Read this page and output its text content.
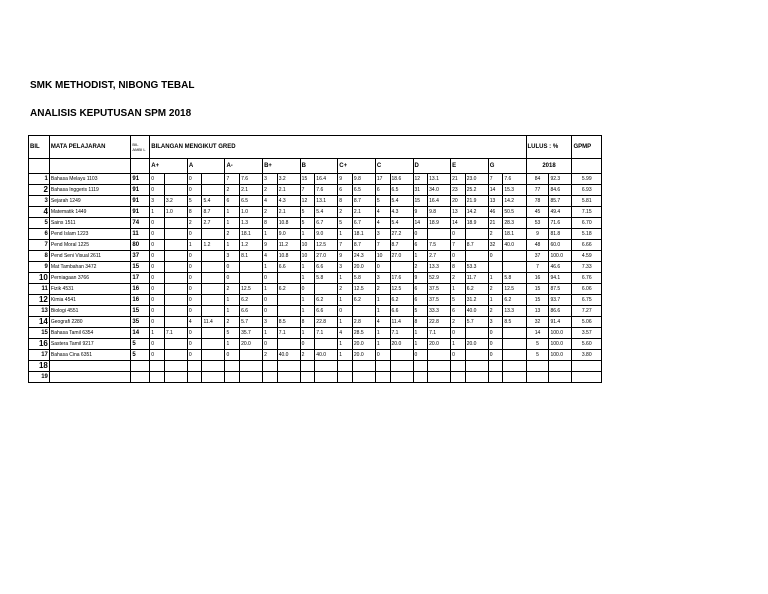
SMK METHODIST, NIBONG TEBAL
ANALISIS KEPUTUSAN SPM 2018
BIL	MATA PELAJARAN	BIL AMBI L	BILANGAN MENGIKUT GRED																				LULUS : %		GPMP
			A+		A		A-		B+		B		C+		C		D		E		G		2018		
1	Bahasa Melayu 1103	91	0		0		7	7.6	3	3.2	15	16.4	9	9.8	17	18.6	12	13.1	21	23.0	7	7.6	84	92.3	5.99
2	Bahasa Inggeris 1119	91	0		0		2	2.1	2	2.1	7	7.6	6	6.5	6	6.5	31	34.0	23	25.2	14	15.3	77	84.6	6.93
3	Sejarah 1249	91	3	3.2	5	5.4	6	6.5	4	4.3	12	13.1	8	8.7	5	5.4	15	16.4	20	21.9	13	14.2	78	85.7	5.81
4	Matematik 1449	91	1	1.0	8	8.7	1	1.0	2	2.1	5	5.4	2	2.1	4	4.3	9	9.8	13	14.2	46	50.5	45	49.4	7.15
5	Sains 1511	74	0		2	2.7	1	1.3	8	10.8	5	6.7	5	6.7	4	5.4	14	18.9	14	18.9	21	28.3	53	71.6	6.70
6	Pend Islam 1223	11	0		0		2	18.1	1	9.0	1	9.0	1	18.1	3	27.2	0		0		2	18.1	9	81.8	5.18
7	Pend Moral 1225	80	0		1	1.2	1	1.2	9	11.2	10	12.5	7	8.7	7	8.7	6	7.5	7	8.7	32	40.0	48	60.0	6.66
8	Pend Seni Visual 2611	37	0		0		3	8.1	4	10.8	10	27.0	9	24.3	10	27.0	1	2.7	0		0		37	100.0	4.59
9	Mat Tambahan 3472	15	0		0		0		1	6.6	1	6.6	3	20.0	0		2	13.3	8	53.3			7	46.6	7.33
10	Perniagaan 3766	17	0		0		0		0		1	5.8	1	5.8	3	17.6	9	52.9	2	11.7	1	5.8	16	94.1	6.76
11	Fizik 4531	16	0		0		2	12.5	1	6.2	0		2	12.5	2	12.5	6	37.5	1	6.2	2	12.5	15	87.5	6.06
12	Kimia 4541	16	0		0		1	6.2	0		1	6.2	1	6.2	1	6.2	6	37.5	5	31.2	1	6.2	15	93.7	6.75
13	Biologi 4551	15	0		0		1	6.6	0		1	6.6	0		1	6.6	5	33.3	6	40.0	2	13.3	13	86.6	7.27
14	Geografi 2280	35	0		4	11.4	2	5.7	3	8.5	8	22.8	1	2.8	4	11.4	8	22.8	2	5.7	3	8.5	32	91.4	5.06
15	Bahasa Tamil 6354	14	1	7.1	0		5	35.7	1	7.1	1	7.1	4	28.5	1	7.1	1	7.1	0		0		14	100.0	3.57
16	Sastera Tamil 9217	5	0		0		1	20.0	0		0		1	20.0	1	20.0	1	20.0	1	20.0	0		5	100.0	5.60
17	Bahasa Cina 6351	5	0		0		0		2	40.0	2	40.0	1	20.0	0		0		0		0		5	100.0	3.80
18																									
19																									
